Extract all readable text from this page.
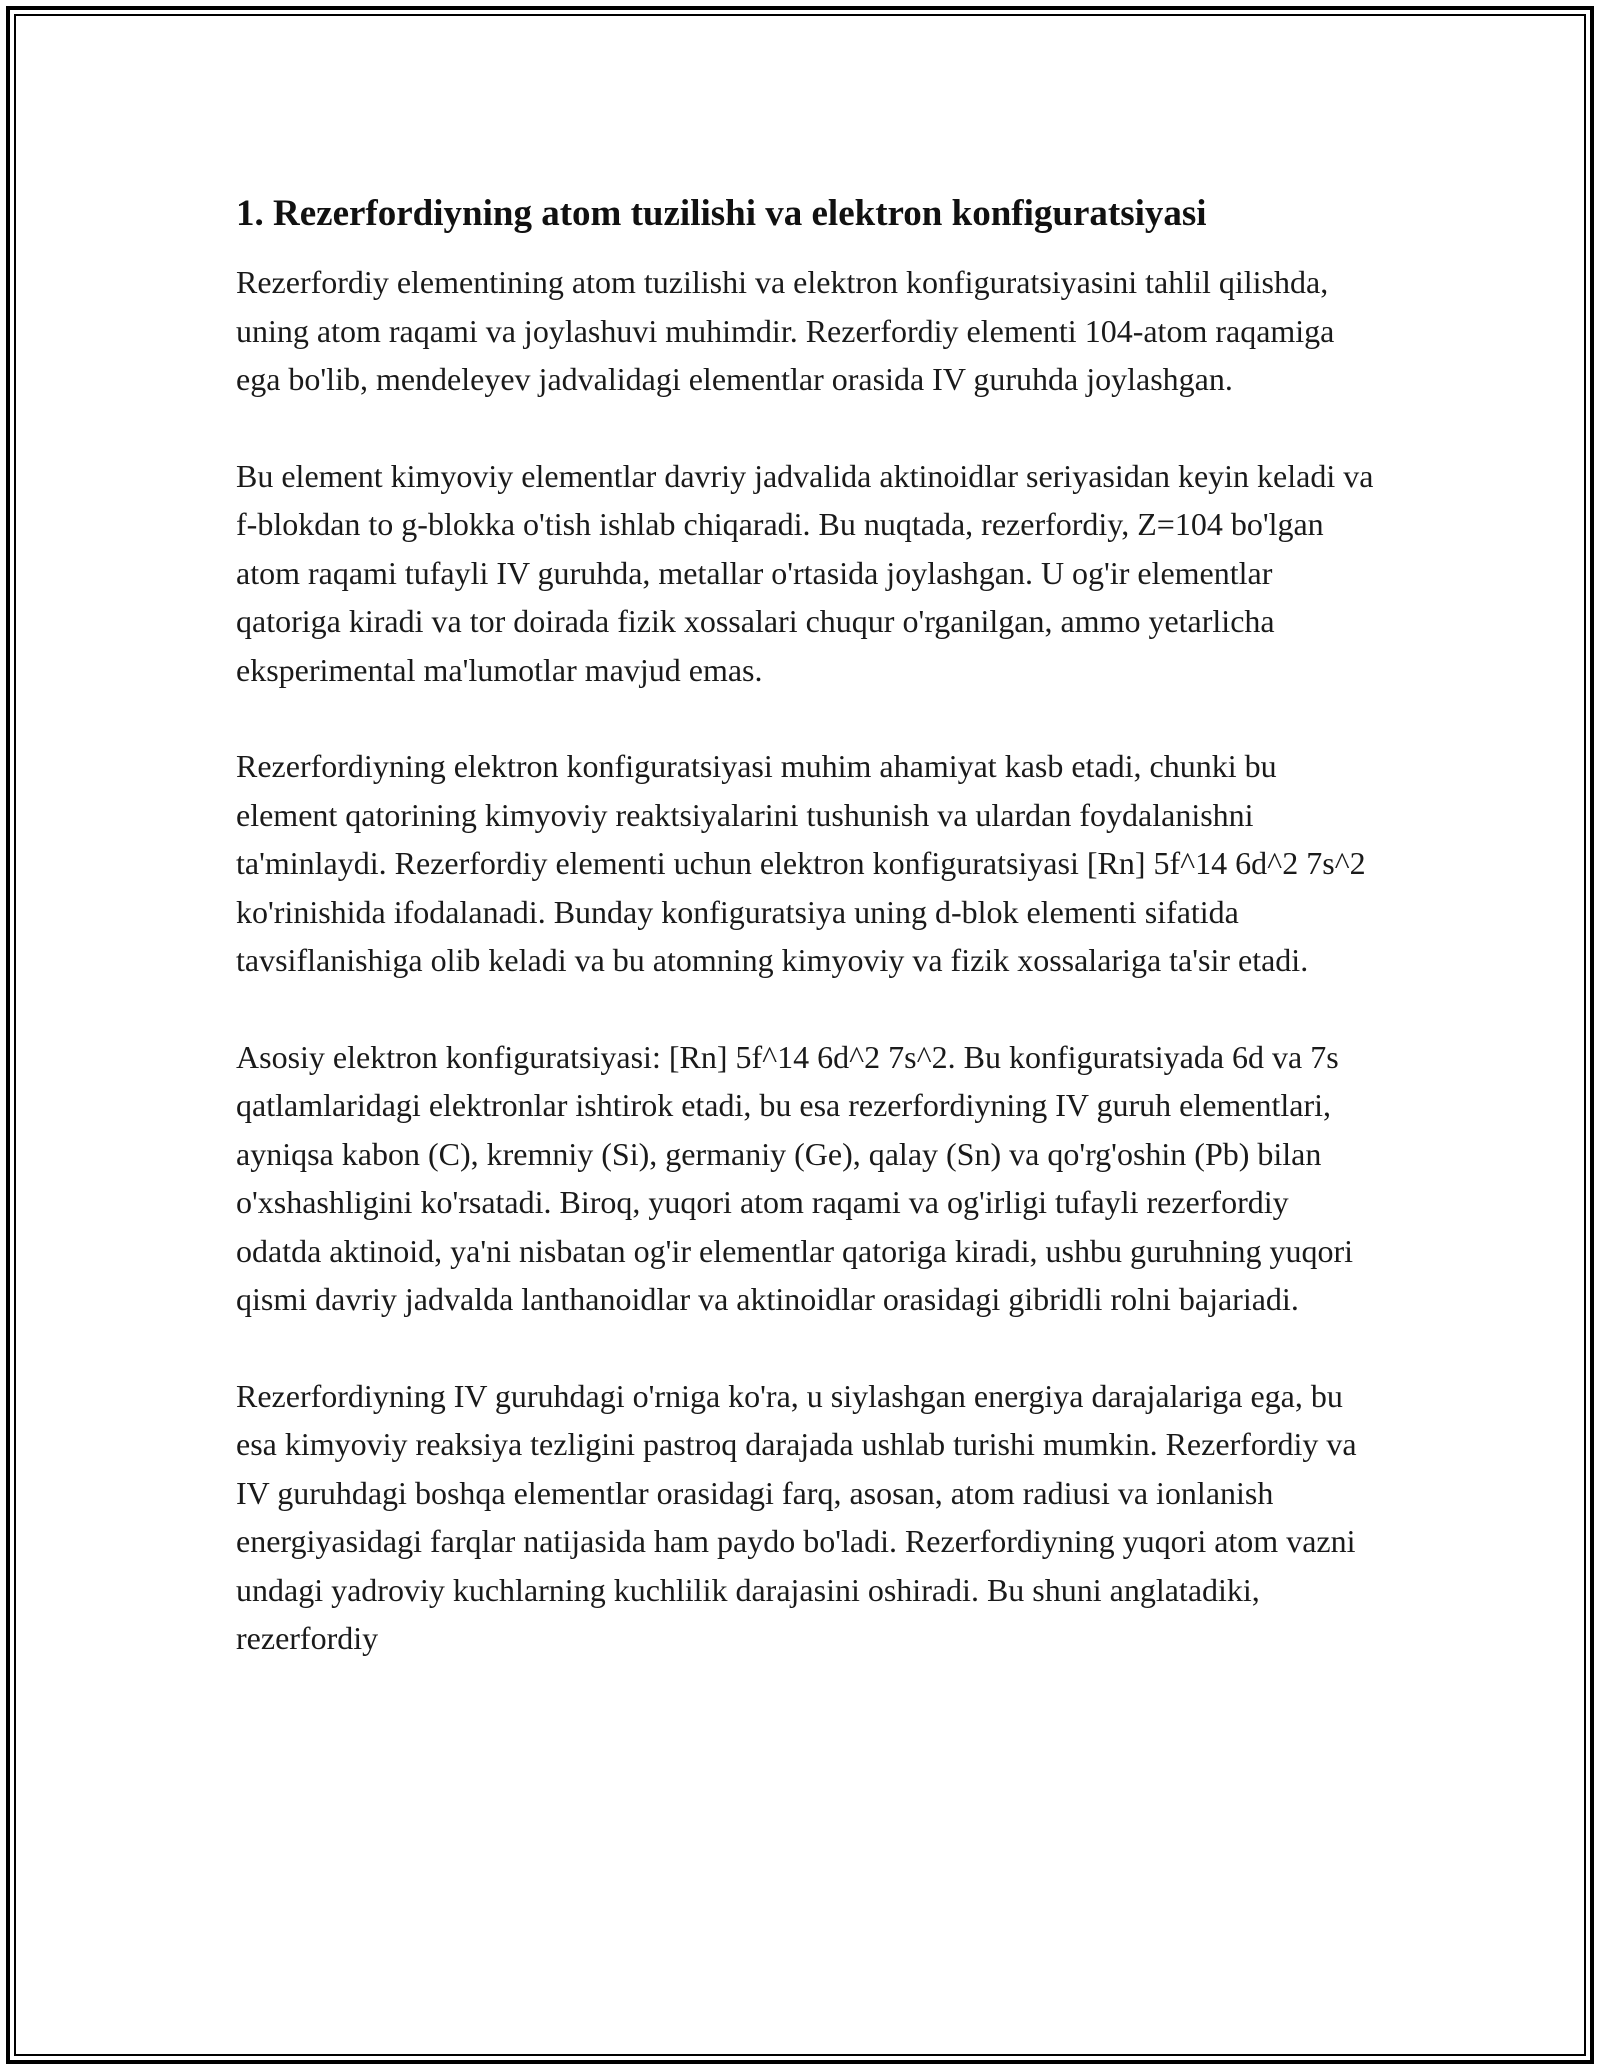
1. Rezerfordiyning atom tuzilishi va elektron konfiguratsiyasi

Rezerfordiy elementining atom tuzilishi va elektron konfiguratsiyasini tahlil qilishda, uning atom raqami va joylashuvi muhimdir. Rezerfordiy elementi 104-atom raqamiga ega bo'lib, mendeleyev jadvalidagi elementlar orasida IV guruhda joylashgan.

Bu element kimyoviy elementlar davriy jadvalida aktinoidlar seriyasidan keyin keladi va f-blokdan to g-blokka o'tish ishlab chiqaradi. Bu nuqtada, rezerfordiy, Z=104 bo'lgan atom raqami tufayli IV guruhda, metallar o'rtasida joylashgan. U og'ir elementlar qatoriga kiradi va tor doirada fizik xossalari chuqur o'rganilgan, ammo yetarlicha eksperimental ma'lumotlar mavjud emas.

Rezerfordiyning elektron konfiguratsiyasi muhim ahamiyat kasb etadi, chunki bu element qatorining kimyoviy reaktsiyalarini tushunish va ulardan foydalanishni ta'minlaydi. Rezerfordiy elementi uchun elektron konfiguratsiyasi [Rn] 5f^14 6d^2 7s^2 ko'rinishida ifodalanadi. Bunday konfiguratsiya uning d-blok elementi sifatida tavsiflanishiga olib keladi va bu atomning kimyoviy va fizik xossalariga ta'sir etadi.

Asosiy elektron konfiguratsiyasi: [Rn] 5f^14 6d^2 7s^2. Bu konfiguratsiyada 6d va 7s qatlamlaridagi elektronlar ishtirok etadi, bu esa rezerfordiyning IV guruh elementlari, ayniqsa kabon (C), kremniy (Si), germaniy (Ge), qalay (Sn) va qo'rg'oshin (Pb) bilan o'xshashligini ko'rsatadi. Biroq, yuqori atom raqami va og'irligi tufayli rezerfordiy odatda aktinoid, ya'ni nisbatan og'ir elementlar qatoriga kiradi, ushbu guruhning yuqori qismi davriy jadvalda lanthanoidlar va aktinoidlar orasidagi gibridli rolni bajariadi.

Rezerfordiyning IV guruhdagi o'rniga ko'ra, u siylashgan energiya darajalariga ega, bu esa kimyoviy reaksiya tezligini pastroq darajada ushlab turishi mumkin. Rezerfordiy va IV guruhdagi boshqa elementlar orasidagi farq, asosan, atom radiusi va ionlanish energiyasidagi farqlar natijasida ham paydo bo'ladi. Rezerfordiyning yuqori atom vazni undagi yadroviy kuchlarning kuchlilik darajasini oshiradi. Bu shuni anglatadiki, rezerfordiy
